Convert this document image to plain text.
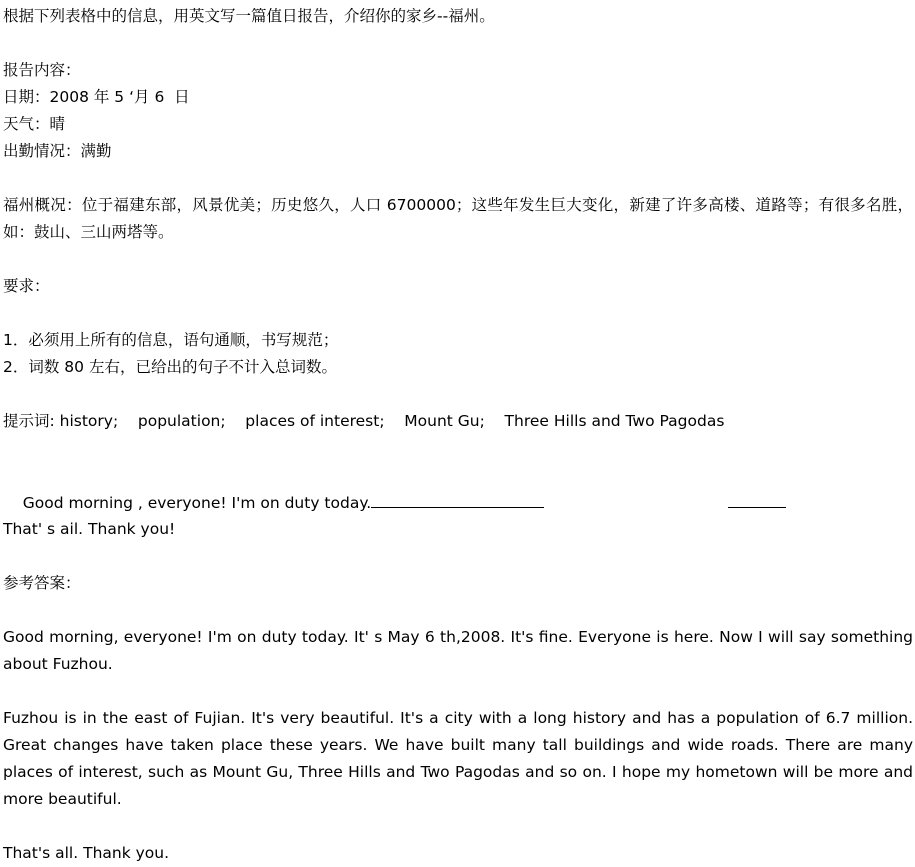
根据下列表格中的信息，用英文写一篇值日报告，介绍你的家乡--福州。

报告内容：

日期：2008 年 5 ‘月 6  日

天气：晴

出勤情况：满勤

福州概况：位于福建东部，风景优美；历史悠久，人口 6700000；这些年发生巨大变化，新建了许多高楼、道路等；有很多名胜，如：鼓山、三山两塔等。

要求：

1．必须用上所有的信息，语句通顺，书写规范；

2．词数 80 左右，已给出的句子不计入总词数。

提示词: history;    population;    places of interest;    Mount Gu;    Three Hills and Two Pagodas

Good morning , everyone! I'm on duty today.

That' s ail. Thank you!

参考答案：

Good morning, everyone! I'm on duty today. It' s May 6 th,2008. It's fine. Everyone is here. Now I will say something about Fuzhou.

Fuzhou is in the east of Fujian. It's very beautiful. It's a city with a long history and has a population of 6.7 million. Great changes have taken place these years. We have built many tall buildings and wide roads. There are many places of interest, such as Mount Gu, Three Hills and Two Pagodas and so on. I hope my hometown will be more and more beautiful.

That's all. Thank you.
